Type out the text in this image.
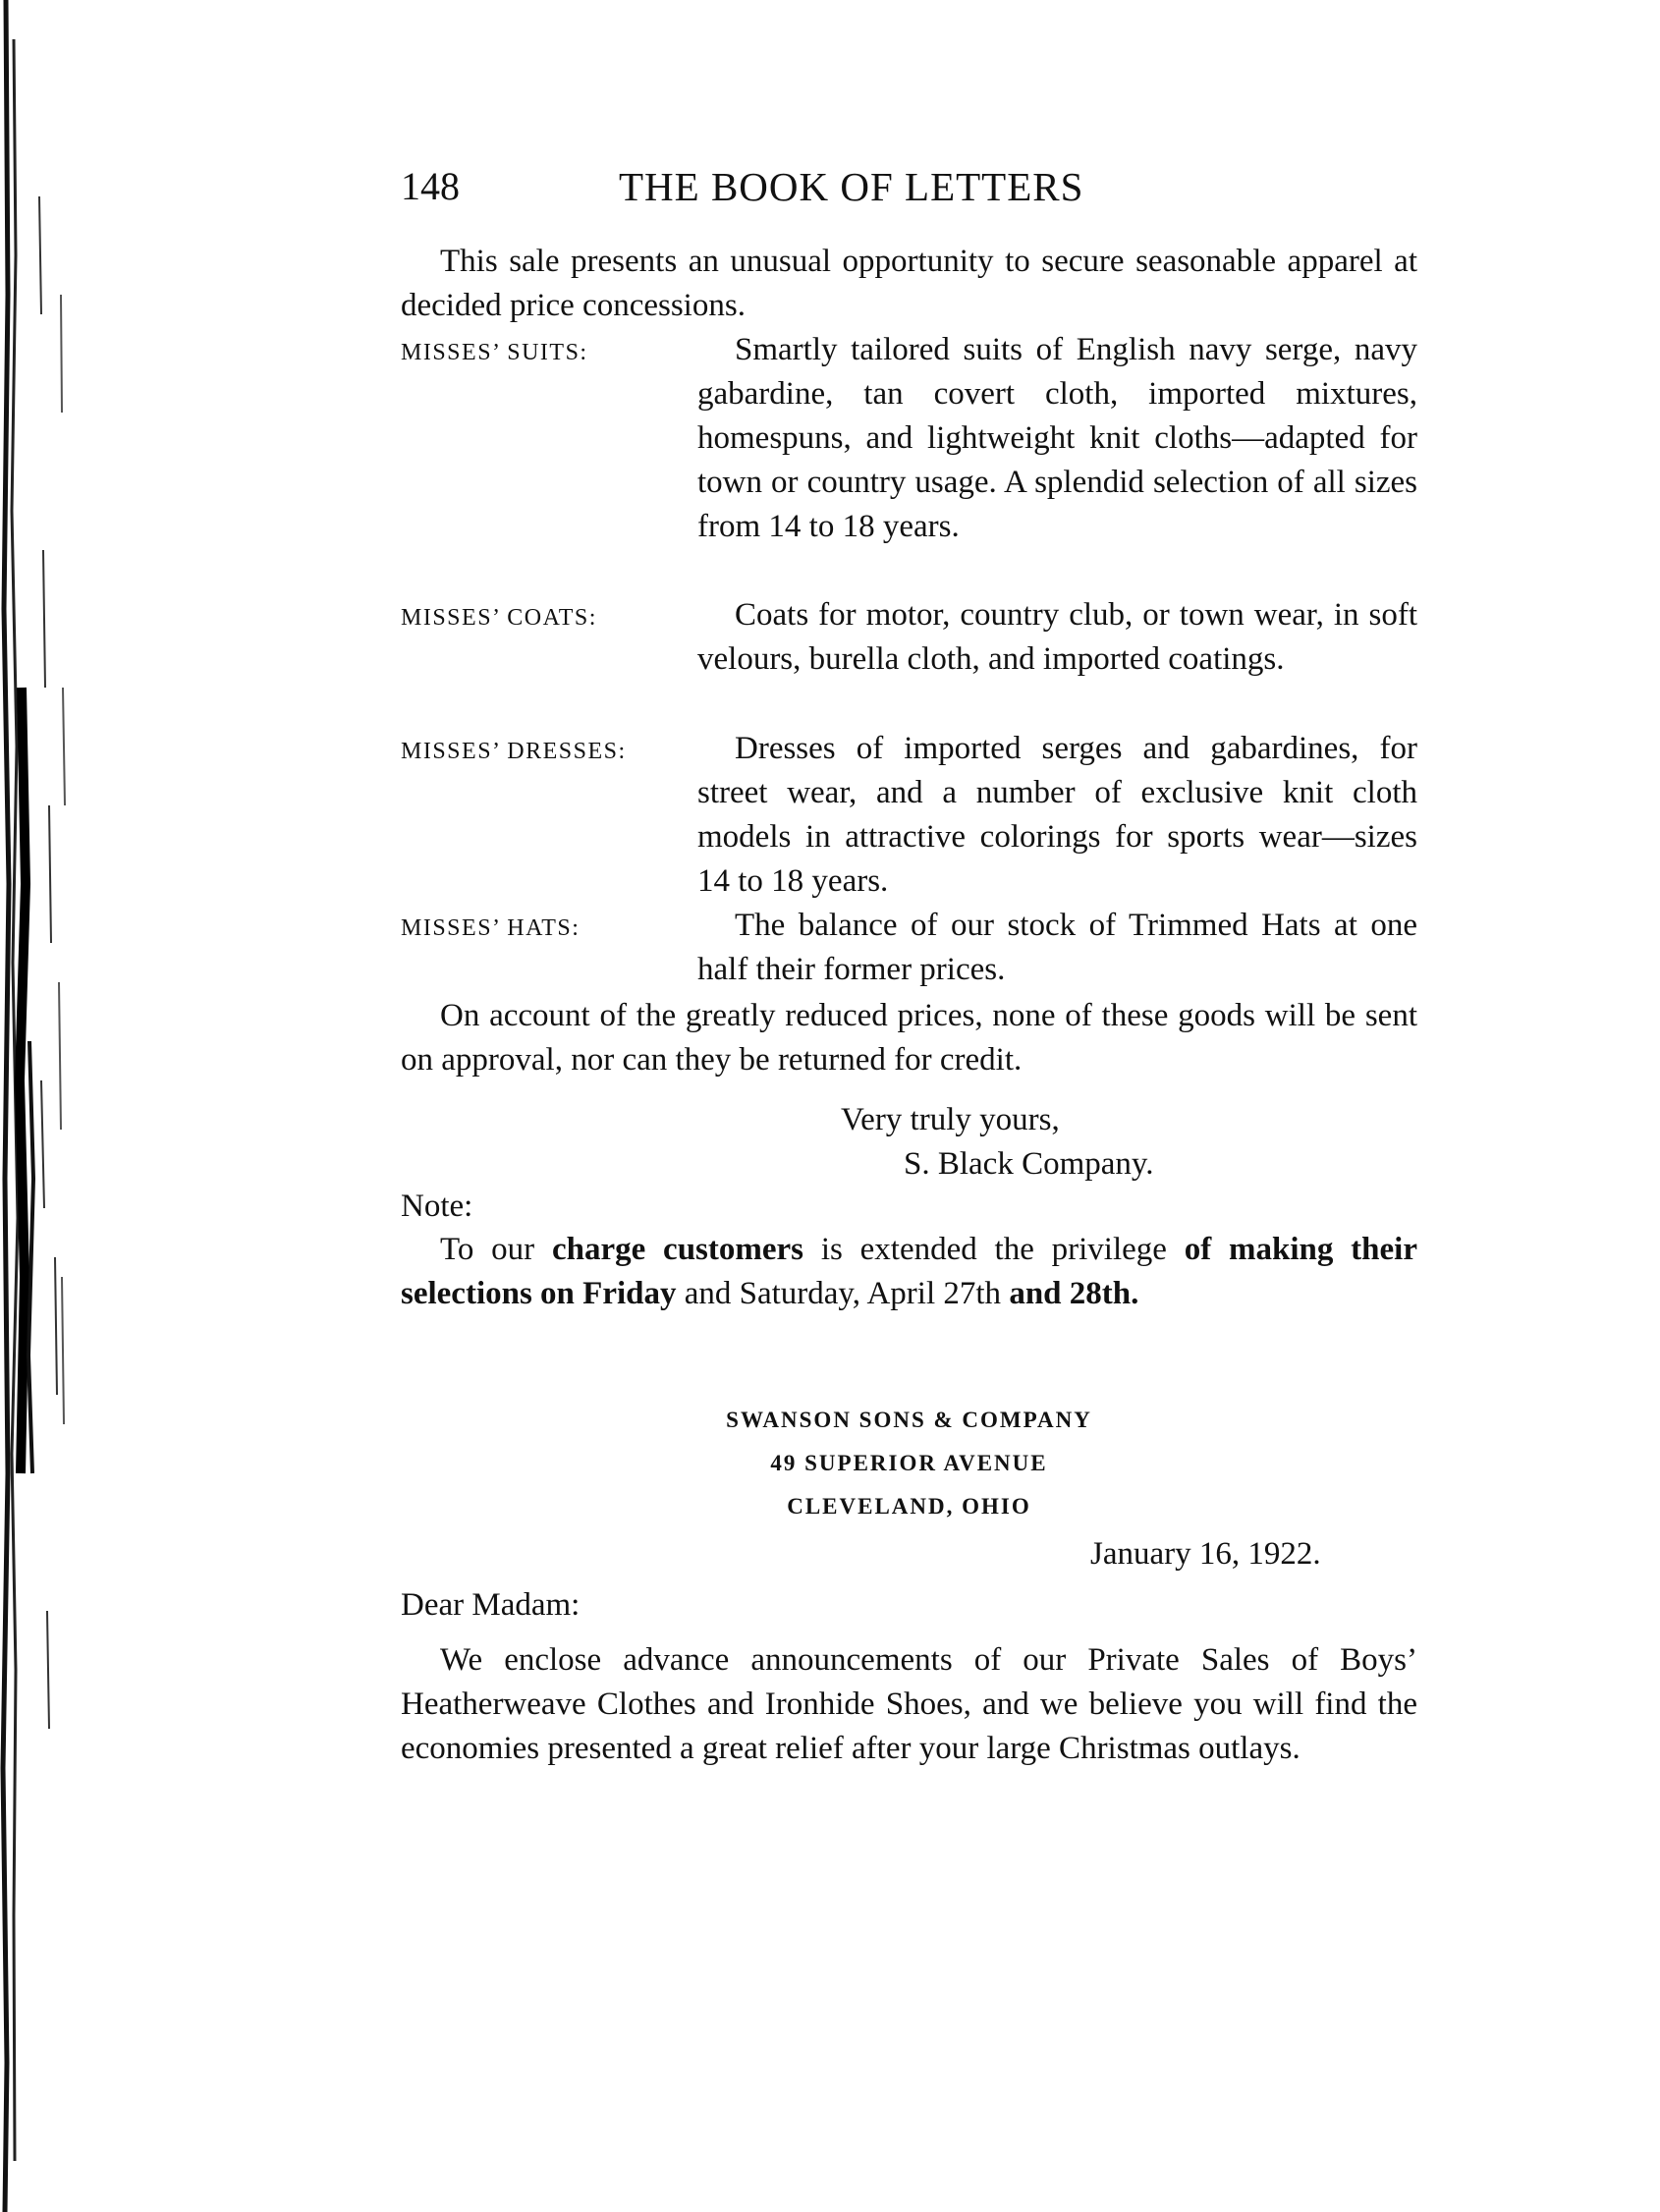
148	THE BOOK OF LETTERS

This sale presents an unusual opportunity to secure seasonable apparel at decided price concessions.

MISSES’ SUITS:	Smartly tailored suits of English navy serge, navy gabardine, tan covert cloth, imported mixtures, homespuns, and lightweight knit cloths—adapted for town or country usage. A splendid selection of all sizes from 14 to 18 years.

MISSES’ COATS:	Coats for motor, country club, or town wear, in soft velours, burella cloth, and imported coatings.

MISSES’ DRESSES:	Dresses of imported serges and gabardines, for street wear, and a number of exclusive knit cloth models in attractive colorings for sports wear—sizes 14 to 18 years.

MISSES’ HATS:	The balance of our stock of Trimmed Hats at one half their former prices.

On account of the greatly reduced prices, none of these goods will be sent on approval, nor can they be returned for credit.

Very truly yours,
S. Black Company.
Note:

To our charge customers is extended the privilege of making their selections on Friday and Saturday, April 27th and 28th.

SWANSON SONS & COMPANY
49 SUPERIOR AVENUE
CLEVELAND, OHIO
January 16, 1922.
Dear Madam:

We enclose advance announcements of our Private Sales of Boys’ Heatherweave Clothes and Ironhide Shoes, and we believe you will find the economies presented a great relief after your large Christmas outlays.
